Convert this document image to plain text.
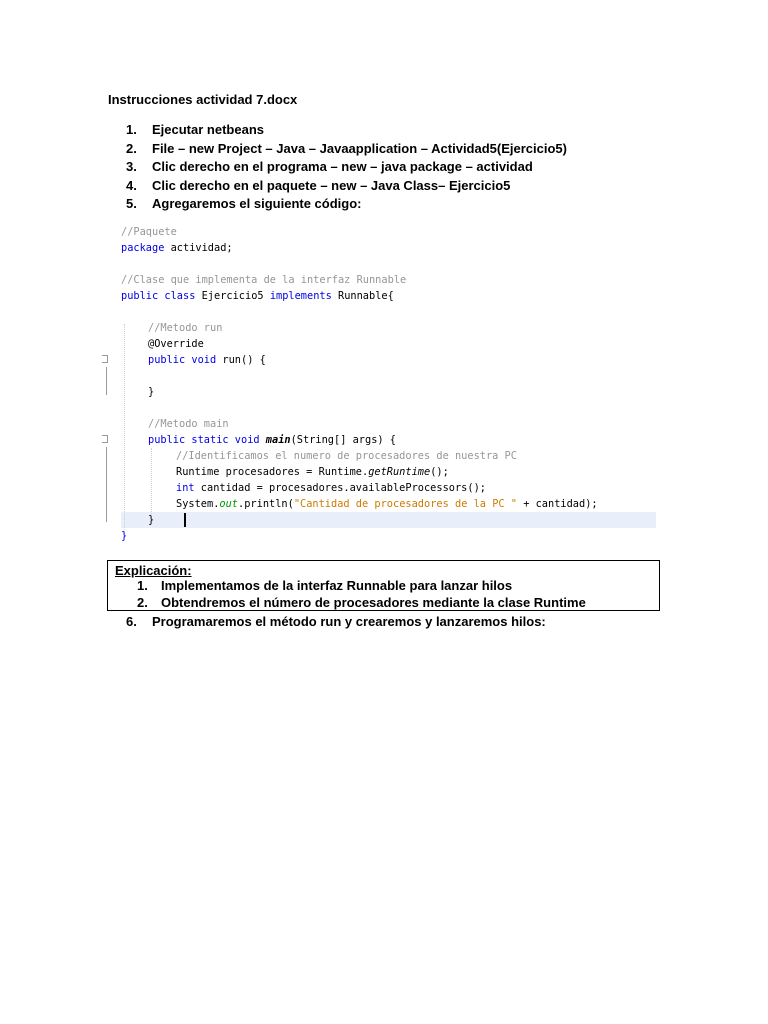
Instrucciones actividad 7.docx
1.	Ejecutar netbeans
2.	File – new Project – Java – Javaapplication – Actividad5(Ejercicio5)
3.	Clic derecho en el programa – new – java package – actividad
4.	Clic derecho en el paquete – new – Java Class– Ejercicio5
5.	Agregaremos el siguiente código:
//Paquete
package actividad;
//Clase que implementa de la interfaz Runnable
public class Ejercicio5 implements Runnable{
//Metodo run
@Override
public void run() {
}
//Metodo main
public static void main(String[] args) {
//Identificamos el numero de procesadores de nuestra PC
Runtime procesadores = Runtime.getRuntime();
int cantidad = procesadores.availableProcessors();
System.out.println("Cantidad de procesadores de la PC " + cantidad);
}
}
Explicación:
1. Implementamos de la interfaz Runnable para lanzar hilos
2. Obtendremos el número de procesadores mediante la clase Runtime
6. Programaremos el método run y crearemos y lanzaremos hilos:
